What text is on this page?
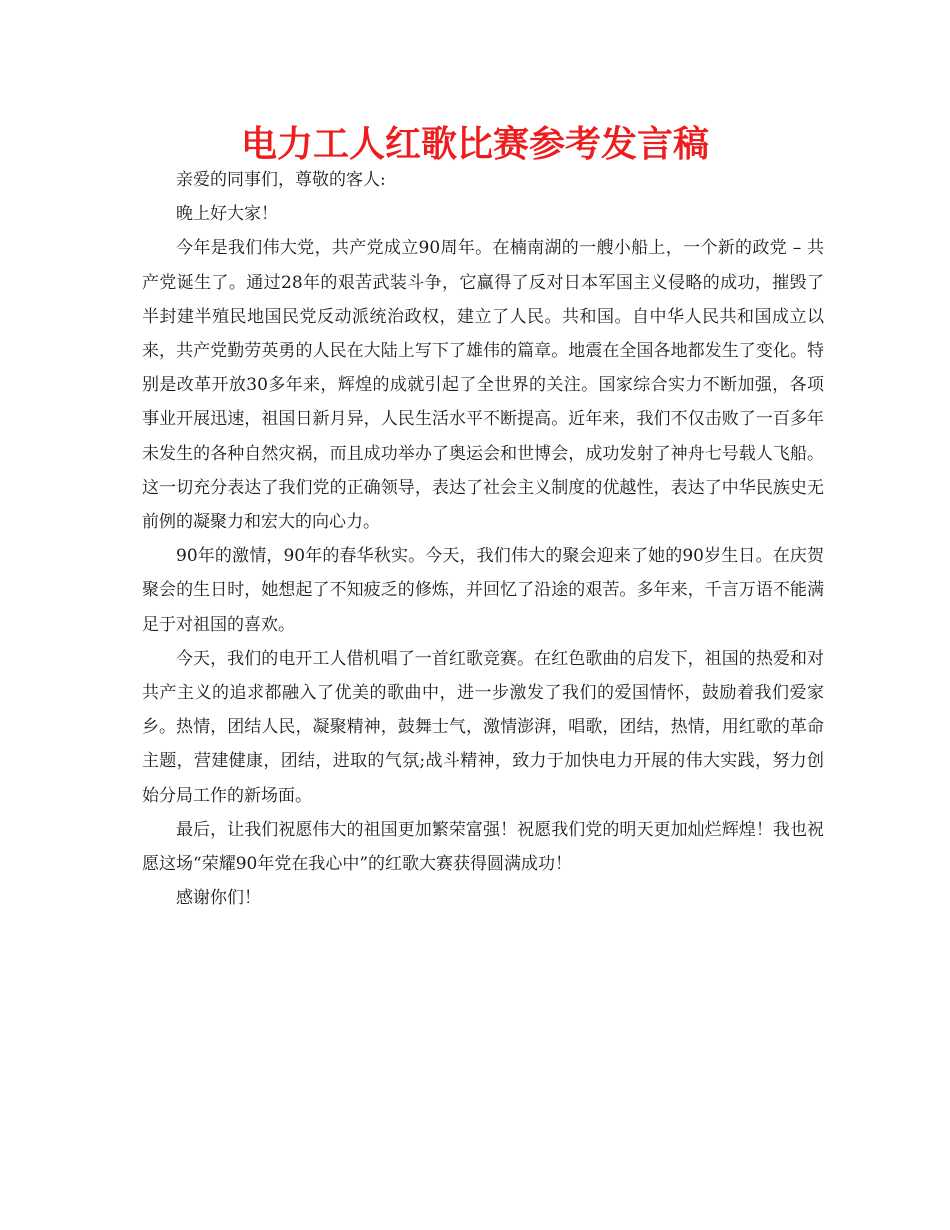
电力工人红歌比赛参考发言稿

亲爱的同事们，尊敬的客人:

晚上好大家！

今年是我们伟大党，共产党成立90周年。在楠南湖的一艘小船上，一个新的政党 – 共产党诞生了。通过28年的艰苦武装斗争，它赢得了反对日本军国主义侵略的成功，摧毁了半封建半殖民地国民党反动派统治政权，建立了人民。共和国。自中华人民共和国成立以来，共产党勤劳英勇的人民在大陆上写下了雄伟的篇章。地震在全国各地都发生了变化。特别是改革开放30多年来，辉煌的成就引起了全世界的关注。国家综合实力不断加强，各项事业开展迅速，祖国日新月异，人民生活水平不断提高。近年来，我们不仅击败了一百多年未发生的各种自然灾祸，而且成功举办了奥运会和世博会，成功发射了神舟七号载人飞船。这一切充分表达了我们党的正确领导，表达了社会主义制度的优越性，表达了中华民族史无前例的凝聚力和宏大的向心力。

90年的激情，90年的春华秋实。今天，我们伟大的聚会迎来了她的90岁生日。在庆贺聚会的生日时，她想起了不知疲乏的修炼，并回忆了沿途的艰苦。多年来，千言万语不能满足于对祖国的喜欢。

今天，我们的电开工人借机唱了一首红歌竞赛。在红色歌曲的启发下，祖国的热爱和对共产主义的追求都融入了优美的歌曲中，进一步激发了我们的爱国情怀，鼓励着我们爱家乡。热情，团结人民，凝聚精神，鼓舞士气，激情澎湃，唱歌，团结，热情，用红歌的革命主题，营建健康，团结，进取的气氛;战斗精神，致力于加快电力开展的伟大实践，努力创始分局工作的新场面。

最后，让我们祝愿伟大的祖国更加繁荣富强！祝愿我们党的明天更加灿烂辉煌！我也祝愿这场“荣耀90年党在我心中”的红歌大赛获得圆满成功！

感谢你们！
